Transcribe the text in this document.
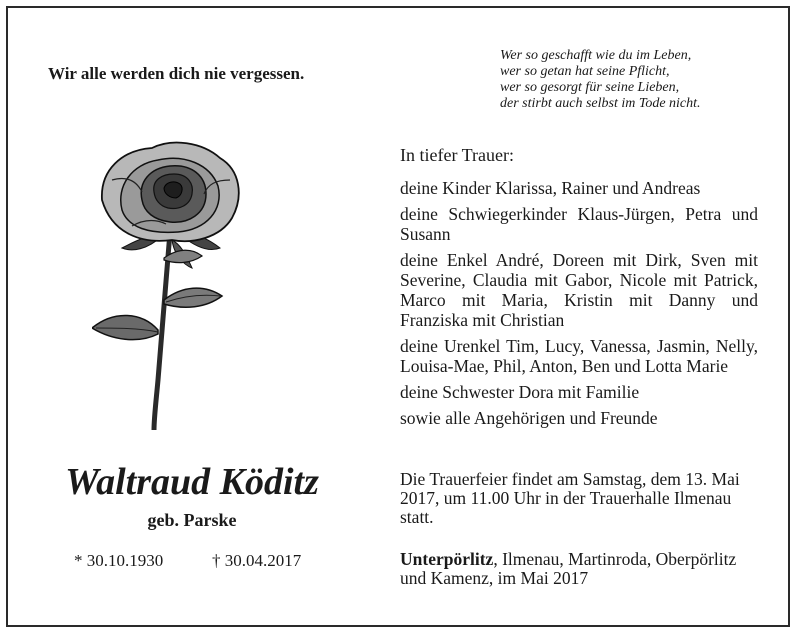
Wir alle werden dich nie vergessen.

Wer so geschafft wie du im Leben,
wer so getan hat seine Pflicht,
wer so gesorgt für seine Lieben,
der stirbt auch selbst im Tode nicht.

Waltraud Köditz

geb. Parske

* 30.10.1930	† 30.04.2017

In tiefer Trauer:

deine Kinder Klarissa, Rainer und Andreas
deine Schwiegerkinder Klaus-Jürgen, Petra und Susann
deine Enkel André, Doreen mit Dirk, Sven mit Severine, Claudia mit Gabor, Nicole mit Patrick, Marco mit Maria, Kristin mit Danny und Franziska mit Christian
deine Urenkel Tim, Lucy, Vanessa, Jasmin, Nelly, Louisa-Mae, Phil, Anton, Ben und Lotta Marie
deine Schwester Dora mit Familie
sowie alle Angehörigen und Freunde

Die Trauerfeier findet am Samstag, dem 13. Mai 2017, um 11.00 Uhr in der Trauerhalle Ilmenau statt.

Unterpörlitz, Ilmenau, Martinroda, Oberpörlitz und Kamenz, im Mai 2017
